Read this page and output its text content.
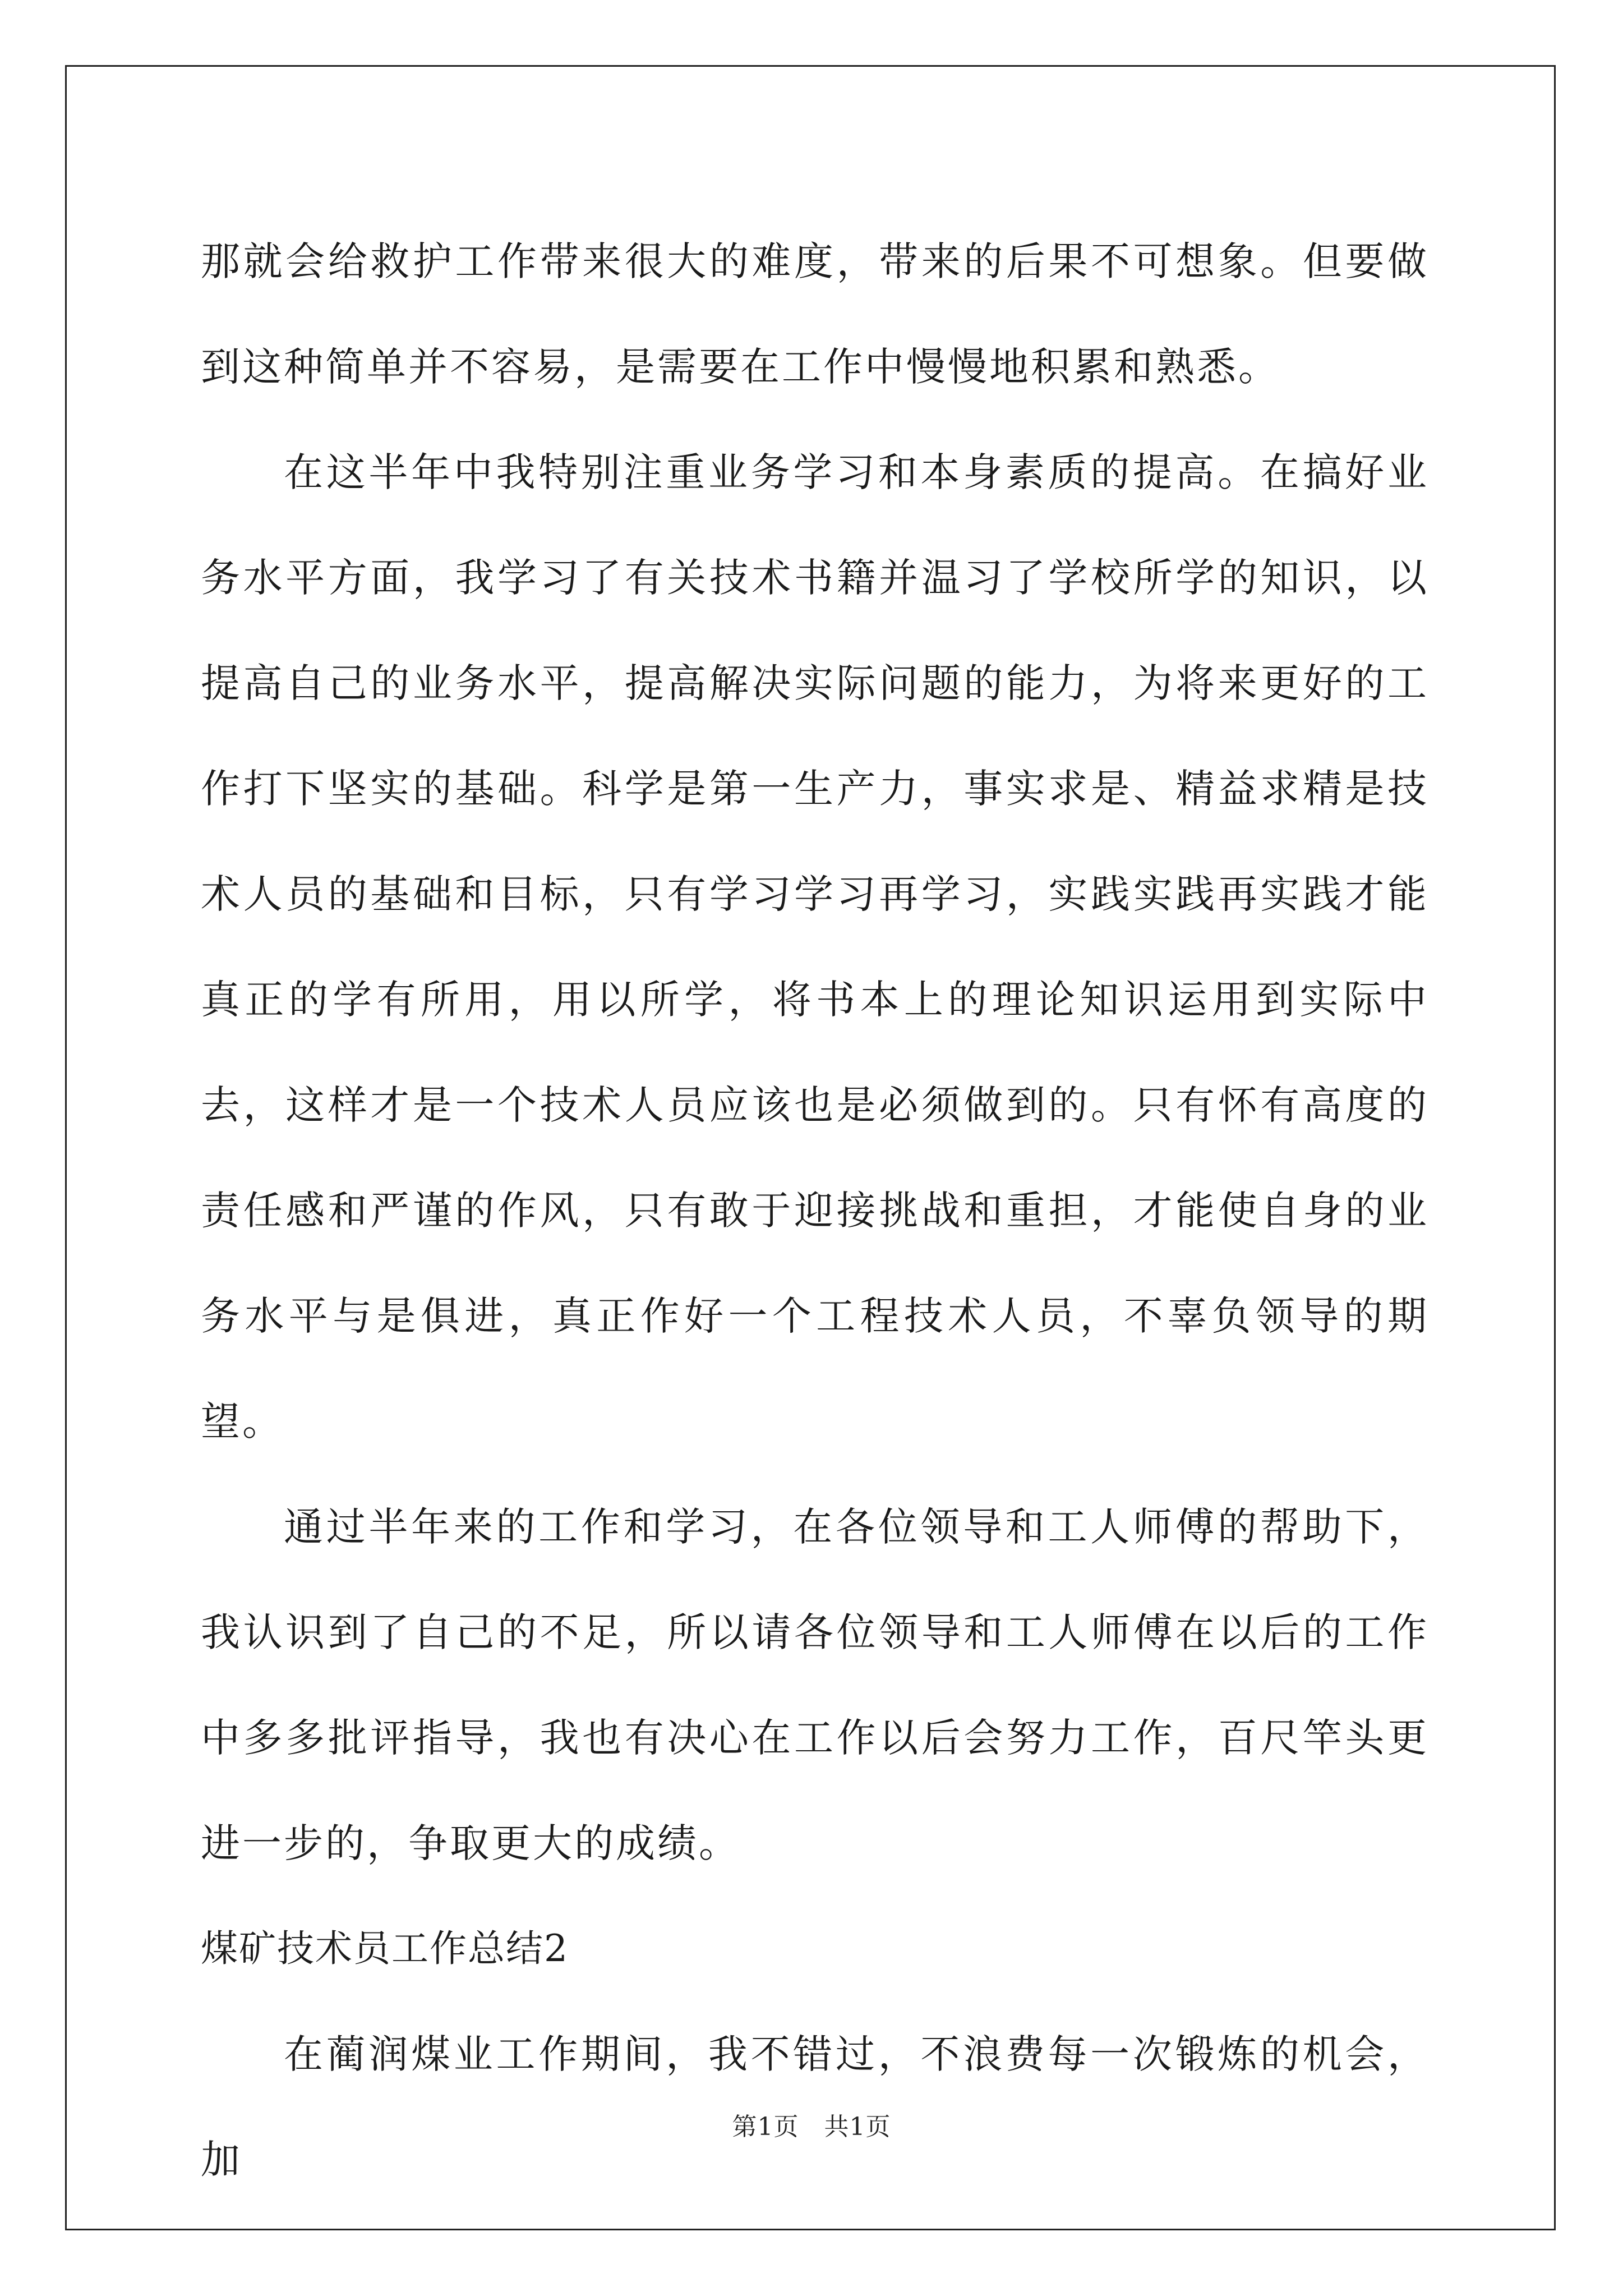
那就会给救护工作带来很大的难度，带来的后果不可想象。但要做到这种简单并不容易，是需要在工作中慢慢地积累和熟悉。

在这半年中我特别注重业务学习和本身素质的提高。在搞好业务水平方面，我学习了有关技术书籍并温习了学校所学的知识，以提高自己的业务水平，提高解决实际问题的能力，为将来更好的工作打下坚实的基础。科学是第一生产力，事实求是、精益求精是技术人员的基础和目标，只有学习学习再学习，实践实践再实践才能真正的学有所用，用以所学，将书本上的理论知识运用到实际中去，这样才是一个技术人员应该也是必须做到的。只有怀有高度的责任感和严谨的作风，只有敢于迎接挑战和重担，才能使自身的业务水平与是俱进，真正作好一个工程技术人员，不辜负领导的期望。

通过半年来的工作和学习，在各位领导和工人师傅的帮助下，我认识到了自己的不足，所以请各位领导和工人师傅在以后的工作中多多批评指导，我也有决心在工作以后会努力工作，百尺竿头更进一步的，争取更大的成绩。

煤矿技术员工作总结2

在蔺润煤业工作期间，我不错过，不浪费每一次锻炼的机会，加

第1页 共1页
